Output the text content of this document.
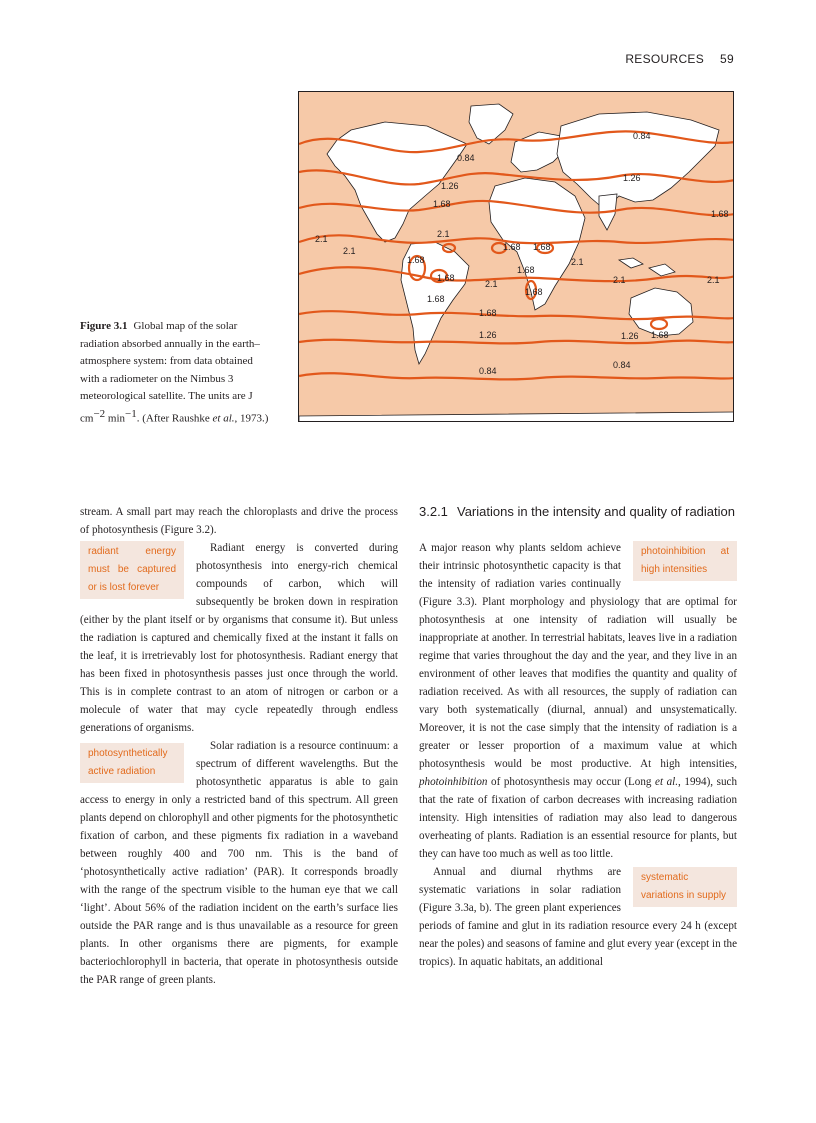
RESOURCES 59
0.84
0.84
1.26
1.26
1.68
1.68
2.1	2.1
1.68 1.68
2.1
1.68
1.68
1.68
2.1
2.1
1.68
2.1
1.68
2.1
1.68
1.26	1.26 1.68
0.84
0.84
Figure 3.1 Global map of the solar radiation absorbed annually in the earth–atmosphere system: from data obtained with a radiometer on the Nimbus 3 meteorological satellite. The units are J $cm^{-2}$ $\min^{-1}$. (After Raushke et al., 1973.)

stream. A small part may reach the chloroplasts and drive the process of photosynthesis (Figure 3.2).

radiant energy must be captured or is lost forever

Radiant energy is converted during photosynthesis into energy-rich chemical compounds of carbon, which will subsequently be broken down in respiration (either by the plant itself or by organisms that consume it). But unless the radiation is captured and chemically fixed at the instant it falls on the leaf, it is irretrievably lost for photosynthesis. Radiant energy that has been fixed in photosynthesis passes just once through the world. This is in complete contrast to an atom of nitrogen or carbon or a molecule of water that may cycle repeatedly through endless generations of organisms.

photosynthetically active radiation

Solar radiation is a resource continuum: a spectrum of different wavelengths. But the photosynthetic apparatus is able to gain access to energy in only a restricted band of this spectrum. All green plants depend on chlorophyll and other pigments for the photosynthetic fixation of carbon, and these pigments fix radiation in a waveband between roughly 400 and 700 nm. This is the band of ‘photosynthetically active radiation’ (PAR). It corresponds broadly with the range of the spectrum visible to the human eye that we call ‘light’. About 56% of the radiation incident on the earth’s surface lies outside the PAR range and is thus unavailable as a resource for green plants. In other organisms there are pigments, for example bacteriochlorophyll in bacteria, that operate in photosynthesis outside the PAR range of green plants.

3.2.1 Variations in the intensity and quality of radiation
photoinhibition at high intensities

A major reason why plants seldom achieve their intrinsic photosynthetic capacity is that the intensity of radiation varies continually (Figure 3.3). Plant morphology and physiology that are optimal for photosynthesis at one intensity of radiation will usually be inappropriate at another. In terrestrial habitats, leaves live in a radiation regime that varies throughout the day and the year, and they live in an environment of other leaves that modifies the quantity and quality of radiation received. As with all resources, the supply of radiation can vary both systematically (diurnal, annual) and unsystematically. Moreover, it is not the case simply that the intensity of radiation is a greater or lesser proportion of a maximum value at which photosynthesis would be most productive. At high intensities, photoinhibition of photosynthesis may occur (Long et al., 1994), such that the rate of fixation of carbon decreases with increasing radiation intensity. High intensities of radiation may also lead to dangerous overheating of plants. Radiation is an essential resource for plants, but they can have too much as well as too little.

systematic variations in supply

Annual and diurnal rhythms are systematic variations in solar radiation (Figure 3.3a, b). The green plant experiences periods of famine and glut in its radiation resource every 24 h (except near the poles) and seasons of famine and glut every year (except in the tropics). In aquatic habitats, an additional
